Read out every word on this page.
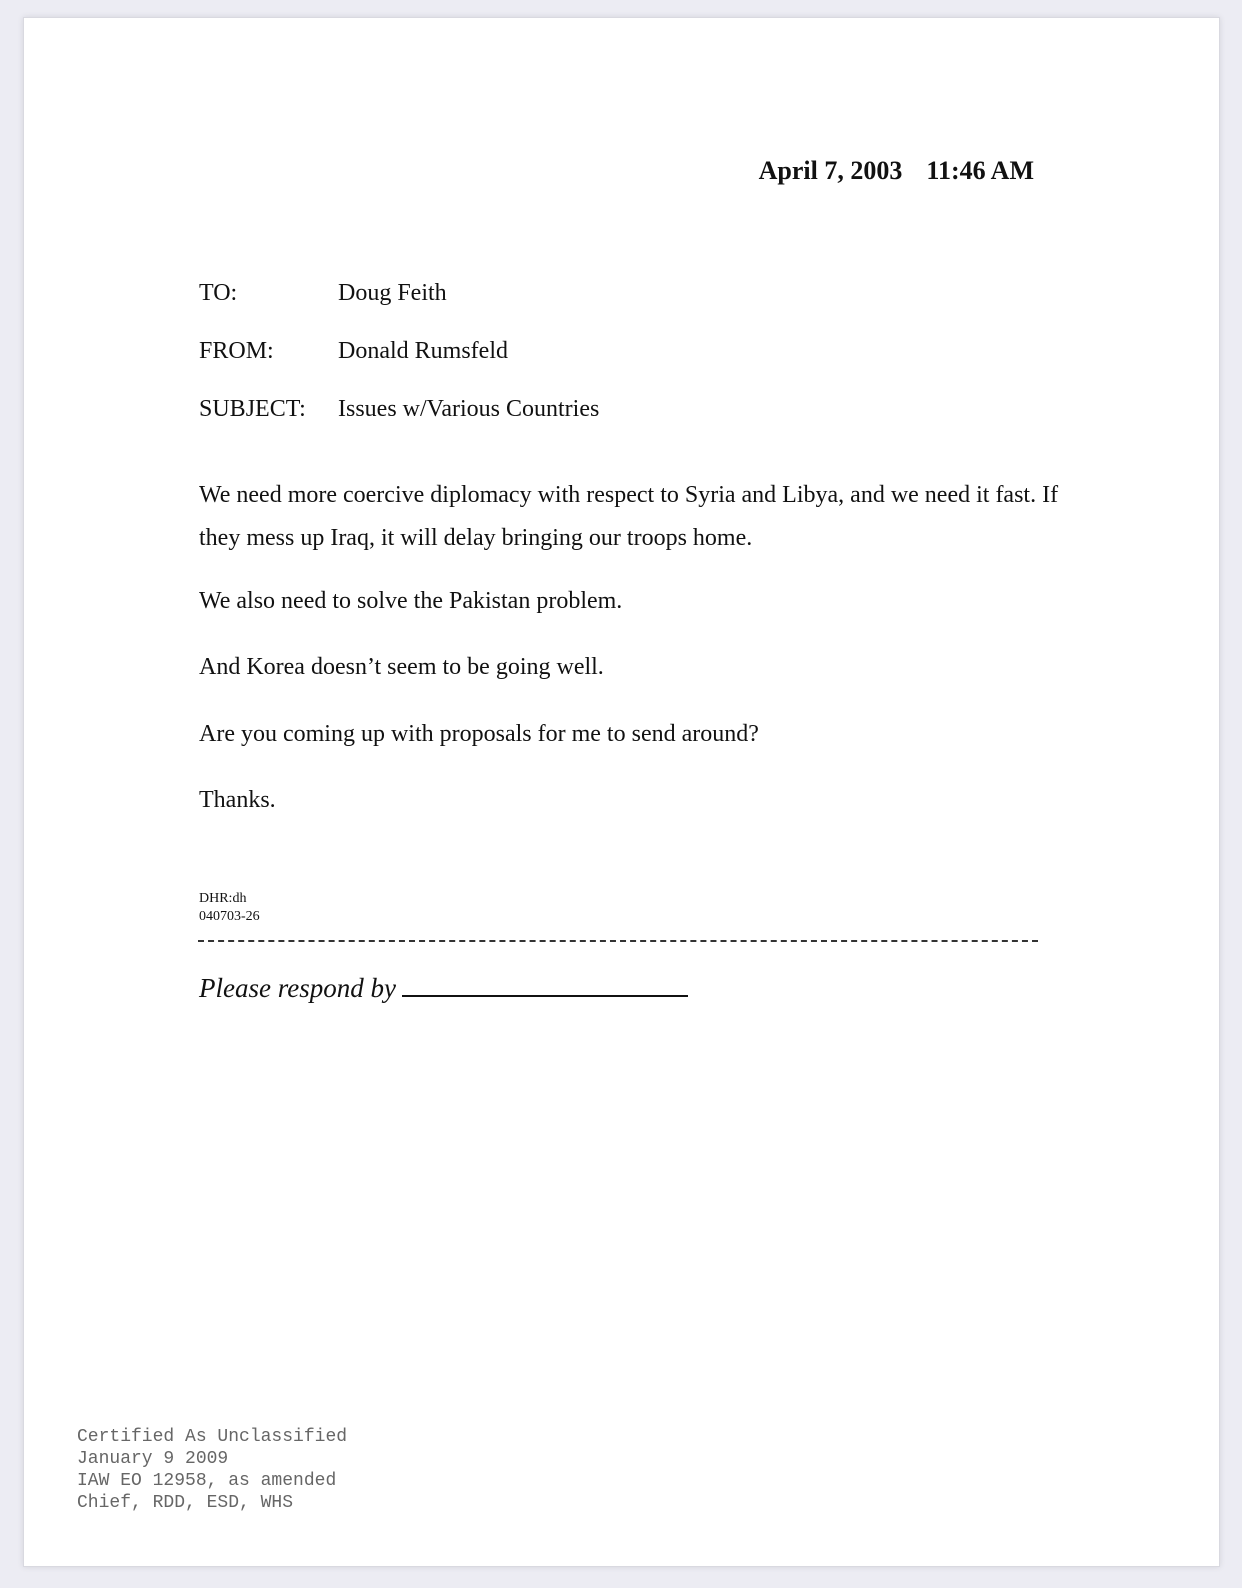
April 7, 2003 11:46 AM
TO:	Doug Feith
FROM:	Donald Rumsfeld
SUBJECT: Issues w/Various Countries
We need more coercive diplomacy with respect to Syria and Libya, and we need it fast. If they mess up Iraq, it will delay bringing our troops home.
We also need to solve the Pakistan problem.
And Korea doesn’t seem to be going well.
Are you coming up with proposals for me to send around?
Thanks.
DHR:dh
040703-26
Please respond by
Certified As Unclassified
January 9 2009
IAW EO 12958, as amended
Chief, RDD, ESD, WHS
